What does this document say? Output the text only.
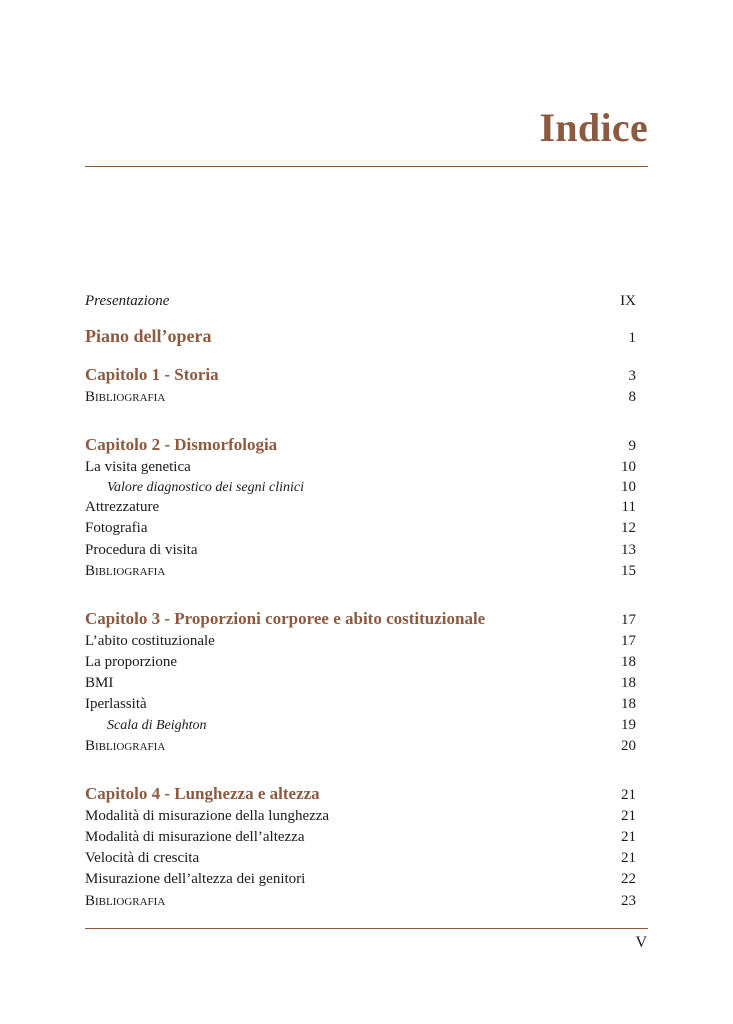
Indice
Presentazione	IX
Piano dell’opera	1
Capitolo 1 - Storia	3
Bibliografia	8
Capitolo 2 - Dismorfologia	9
La visita genetica	10
Valore diagnostico dei segni clinici	10
Attrezzature	11
Fotografia	12
Procedura di visita	13
Bibliografia	15
Capitolo 3 - Proporzioni corporee e abito costituzionale	17
L’abito costituzionale	17
La proporzione	18
BMI	18
Iperlassità	18
Scala di Beighton	19
Bibliografia	20
Capitolo 4 - Lunghezza e altezza	21
Modalità di misurazione della lunghezza	21
Modalità di misurazione dell’altezza	21
Velocità di crescita	21
Misurazione dell’altezza dei genitori	22
Bibliografia	23
V
